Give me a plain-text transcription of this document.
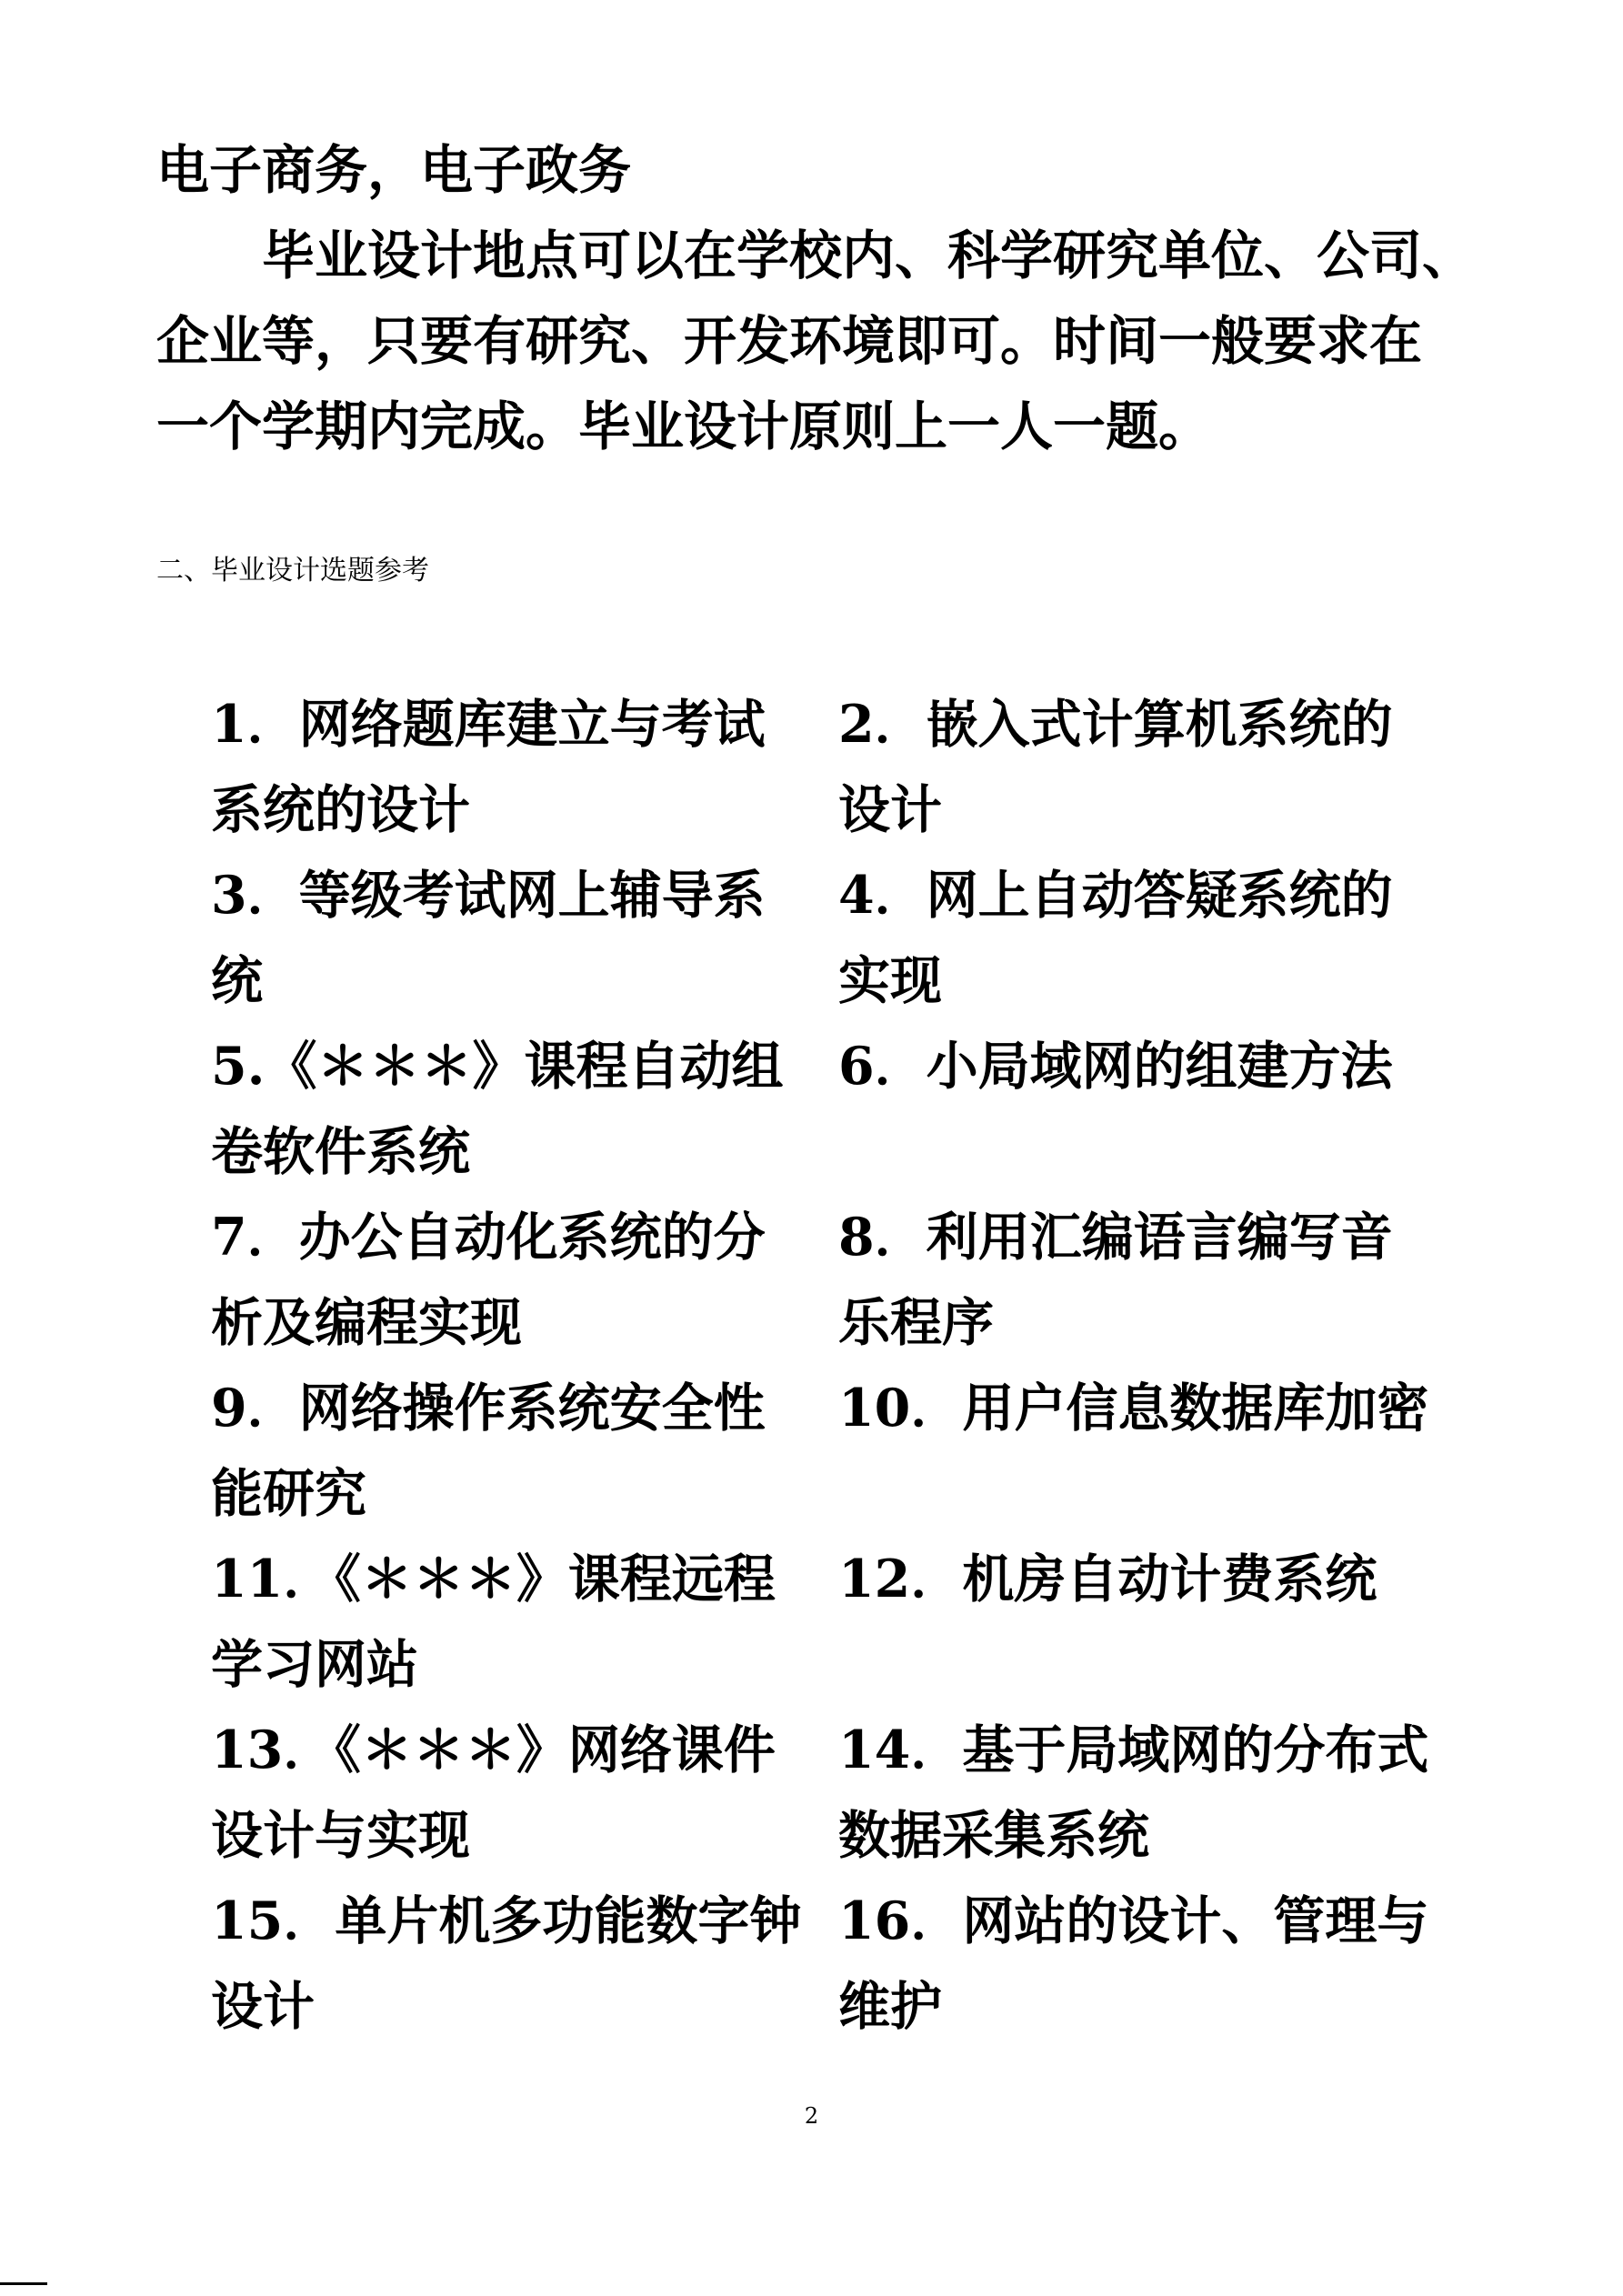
电子商务，电子政务
毕业设计地点可以在学校内、科学研究单位、公司、
企业等，只要有研究、开发环境即可。时间一般要求在
一个学期内完成。毕业设计原则上一人一题。
二、毕业设计选题参考
1．网络题库建立与考试系统的设计
2．嵌入式计算机系统的设计
3．等级考试网上辅导系统
4．网上自动答疑系统的实现
5.《＊＊＊》课程自动组卷软件系统
6．小局域网的组建方法
7．办公自动化系统的分析及编程实现
8．利用汇编语言编写音乐程序
9．网络操作系统安全性能研究
10．用户信息数据库加密
11．《＊＊＊》课程远程学习网站
12．机房自动计费系统
13．《＊＊＊》网络课件设计与实现
14．基于局域网的分布式数据采集系统
15．单片机多功能数字钟设计
16．网站的设计、管理与维护
2
